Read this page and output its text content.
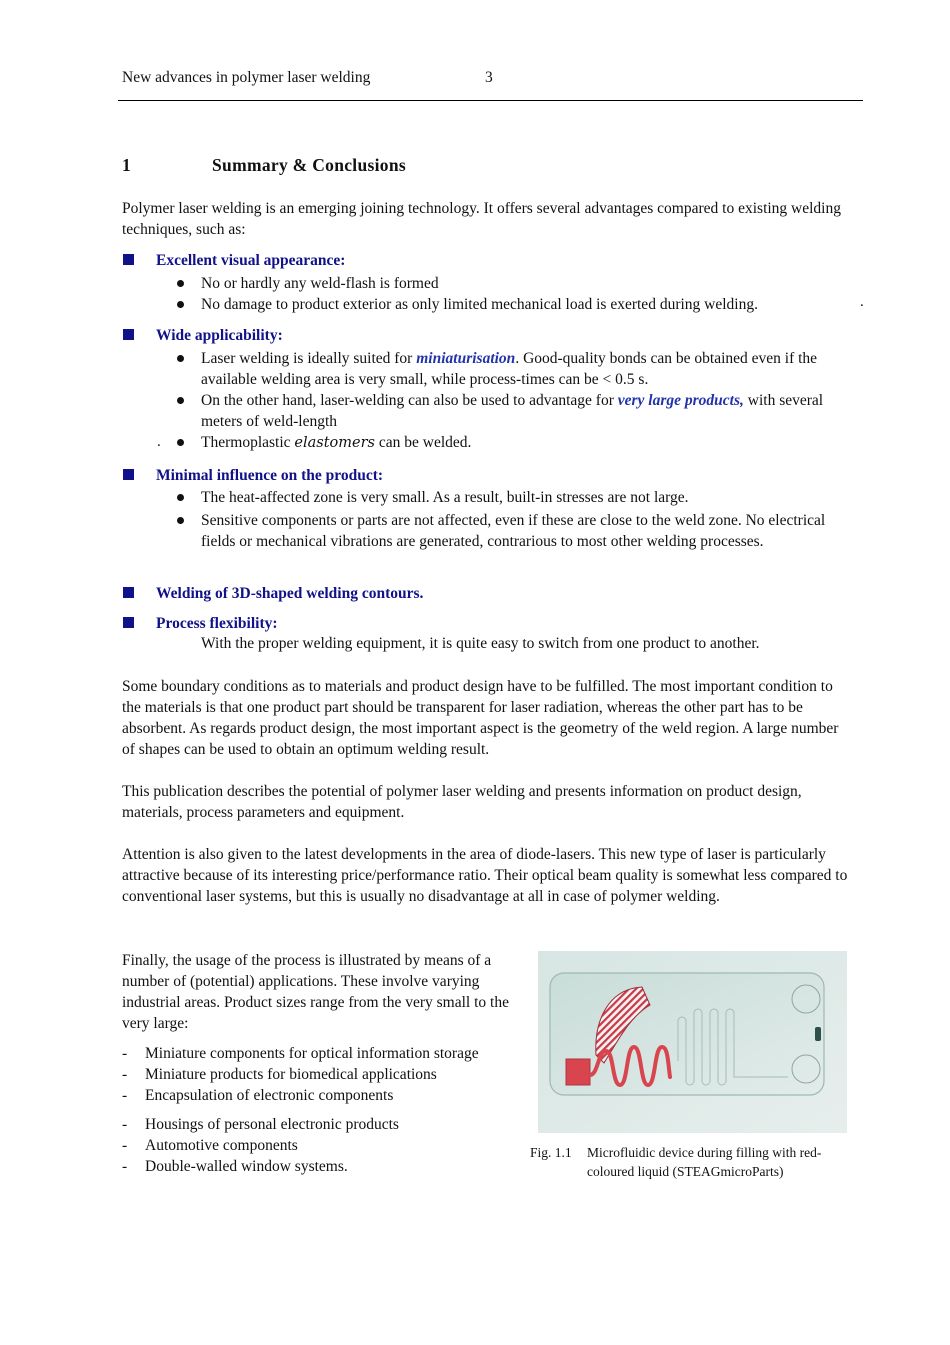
New advances in polymer laser welding	3
1	Summary & Conclusions
Polymer laser welding is an emerging joining technology. It offers several advantages compared to existing welding techniques, such as:
Excellent visual appearance:
No or hardly any weld-flash is formed
No damage to product exterior as only limited mechanical load is exerted during welding.	.
Wide applicability:
Laser welding is ideally suited for miniaturisation. Good-quality bonds can be obtained even if the available welding area is very small, while process-times can be < 0.5 s.
On the other hand, laser-welding can also be used to advantage for very large products, with several meters of weld-length
Thermoplastic elastomers can be welded.
.
Minimal influence on the product:
The heat-affected zone is very small. As a result, built-in stresses are not large.
Sensitive components or parts are not affected, even if these are close to the weld zone. No electrical fields or mechanical vibrations are generated, contrarious to most other welding processes.
Welding of 3D-shaped welding contours.
Process flexibility:
With the proper welding equipment, it is quite easy to switch from one product to another.
Some boundary conditions as to materials and product design have to be fulfilled. The most important condition to the materials is that one product part should be transparent for laser radiation, whereas the other part has to be absorbent. As regards product design, the most important aspect is the geometry of the weld region. A large number of shapes can be used to obtain an optimum welding result.
This publication describes the potential of polymer laser welding and presents information on product design, materials, process parameters and equipment.
Attention is also given to the latest developments in the area of diode-lasers. This new type of laser is particularly attractive because of its interesting price/performance ratio. Their optical beam quality is somewhat less compared to conventional laser systems, but this is usually no disadvantage at all in case of polymer welding.
Finally, the usage of the process is illustrated by means of a number of (potential) applications. These involve varying industrial areas. Product sizes range from the very small to the very large:
- Miniature components for optical information storage
- Miniature products for biomedical applications
- Encapsulation of electronic components
- Housings of personal electronic products
- Automotive components
- Double-walled window systems.
Fig. 1.1 Microfluidic device during filling with red-coloured liquid (STEAGmicroParts)
